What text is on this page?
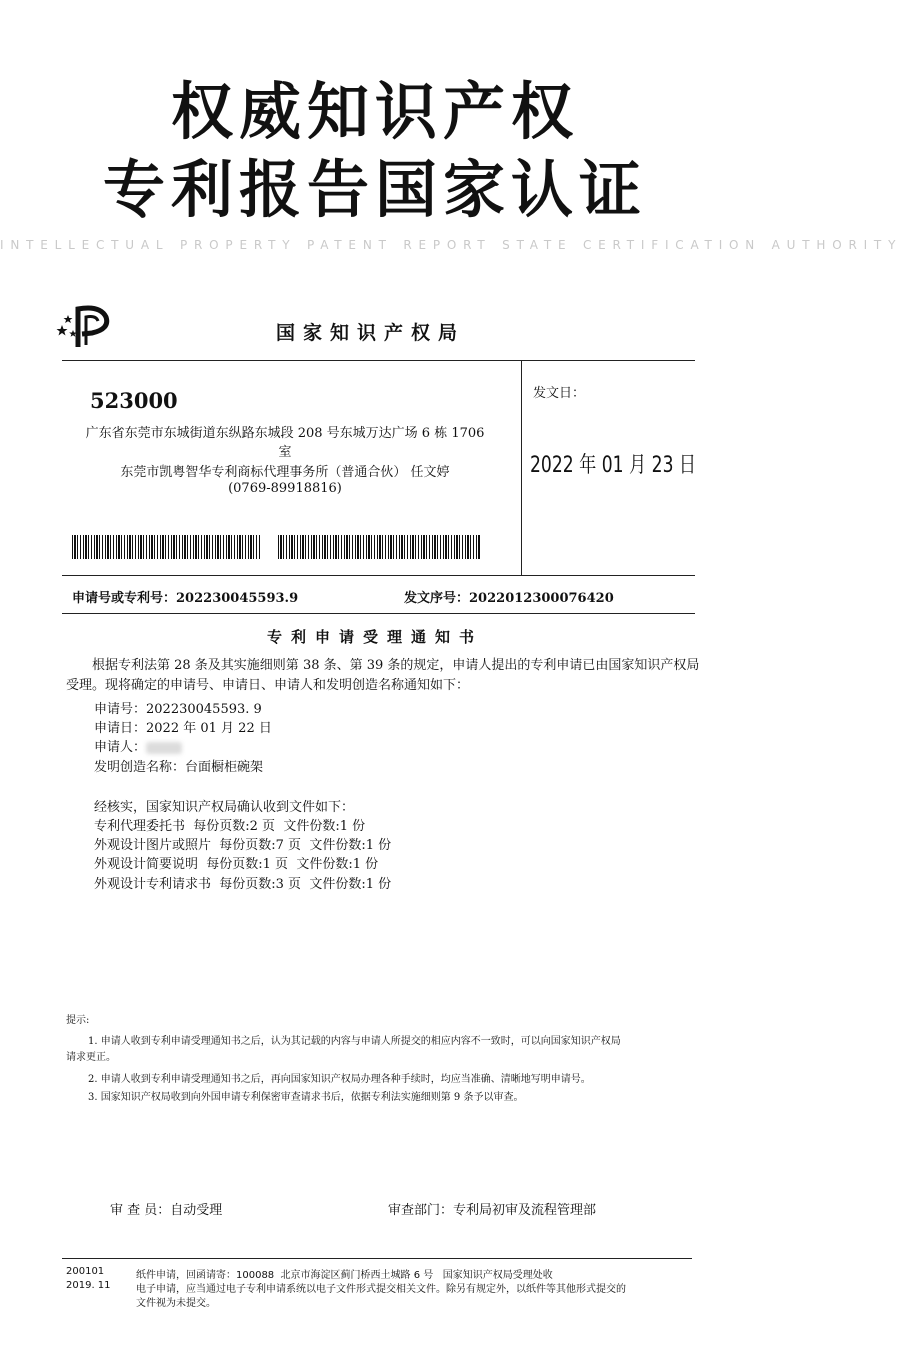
权威知识产权
专利报告国家认证
INTELLECTUAL PROPERTY PATENT REPORT STATE CERTIFICATION AUTHORITY
国家知识产权局
523000
广东省东莞市东城街道东纵路东城段 208 号东城万达广场 6 栋 1706
室
东莞市凯粤智华专利商标代理事务所（普通合伙） 任文婷
(0769-89918816)
发文日：
2022 年 01 月 23 日
申请号或专利号：202230045593.9	发文序号：2022012300076420
专利申请受理通知书
根据专利法第 28 条及其实施细则第 38 条、第 39 条的规定，申请人提出的专利申请已由国家知识产权局
受理。现将确定的申请号、申请日、申请人和发明创造名称通知如下：
申请号：202230045593. 9
申请日：2022 年 01 月 22 日
申请人：
发明创造名称：台面橱柜碗架
经核实，国家知识产权局确认收到文件如下：
专利代理委托书  每份页数:2 页  文件份数:1 份
外观设计图片或照片  每份页数:7 页  文件份数:1 份
外观设计简要说明  每份页数:1 页  文件份数:1 份
外观设计专利请求书  每份页数:3 页  文件份数:1 份
提示:
1. 申请人收到专利申请受理通知书之后，认为其记载的内容与申请人所提交的相应内容不一致时，可以向国家知识产权局
请求更正。
2. 申请人收到专利申请受理通知书之后，再向国家知识产权局办理各种手续时，均应当准确、清晰地写明申请号。
3. 国家知识产权局收到向外国申请专利保密审查请求书后，依据专利法实施细则第 9 条予以审查。
审 查 员：自动受理	审查部门：专利局初审及流程管理部
200101
2019. 11
纸件申请，回函请寄：100088  北京市海淀区蓟门桥西土城路 6 号   国家知识产权局受理处收
电子申请，应当通过电子专利申请系统以电子文件形式提交相关文件。除另有规定外，以纸件等其他形式提交的
文件视为未提交。
